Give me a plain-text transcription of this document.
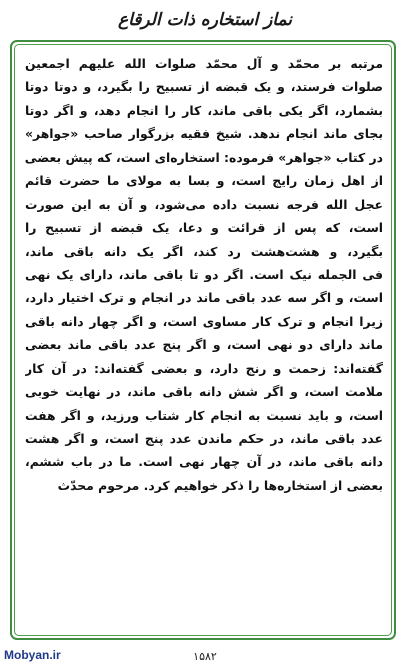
نماز استخاره ذات الرقاع
مرتبه بر محمّد و آل محمّد صلوات الله علیهم اجمعین
صلوات فرستد، و یک قبضه از تسبیح را بگیرد، و دوتا دوتا
بشمارد، اگر یکی باقی ماند، کار را انجام دهد، و اگر دوتا
بجای ماند انجام ندهد. شیخ فقیه بزرگوار صاحب «جواهر»
در کتاب «جواهر» فرموده: استخاره‌ای است، که پیش بعضی
از اهل زمان رایج است، و بسا به مولای ما حضرت قائم
عجل الله فرجه نسبت داده می‌شود، و آن به این صورت
است، که پس از قرائت و دعا، یک قبضه از تسبیح را
بگیرد، و هشت‌هشت رد کند، اگر یک دانه باقی ماند،
فی الجمله نیک است. اگر دو تا باقی ماند، دارای یک نهی
است، و اگر سه عدد باقی ماند در انجام و ترک اختیار دارد،
زیرا انجام و ترک کار مساوی است، و اگر چهار دانه باقی
ماند دارای دو نهی است، و اگر پنج عدد باقی ماند بعضی
گفته‌اند: زحمت و رنج دارد، و بعضی گفته‌اند: در آن کار
ملامت است، و اگر شش دانه باقی ماند، در نهایت خوبی
است، و باید نسبت به انجام کار شتاب ورزید، و اگر هفت
عدد باقی ماند، در حکم ماندن عدد پنج است، و اگر هشت
دانه باقی ماند، در آن چهار نهی است. ما در باب ششم،
بعضی از استخاره‌ها را ذکر خواهیم کرد. مرحوم محدّث
Mobyan.ir	۱۵۸۲
